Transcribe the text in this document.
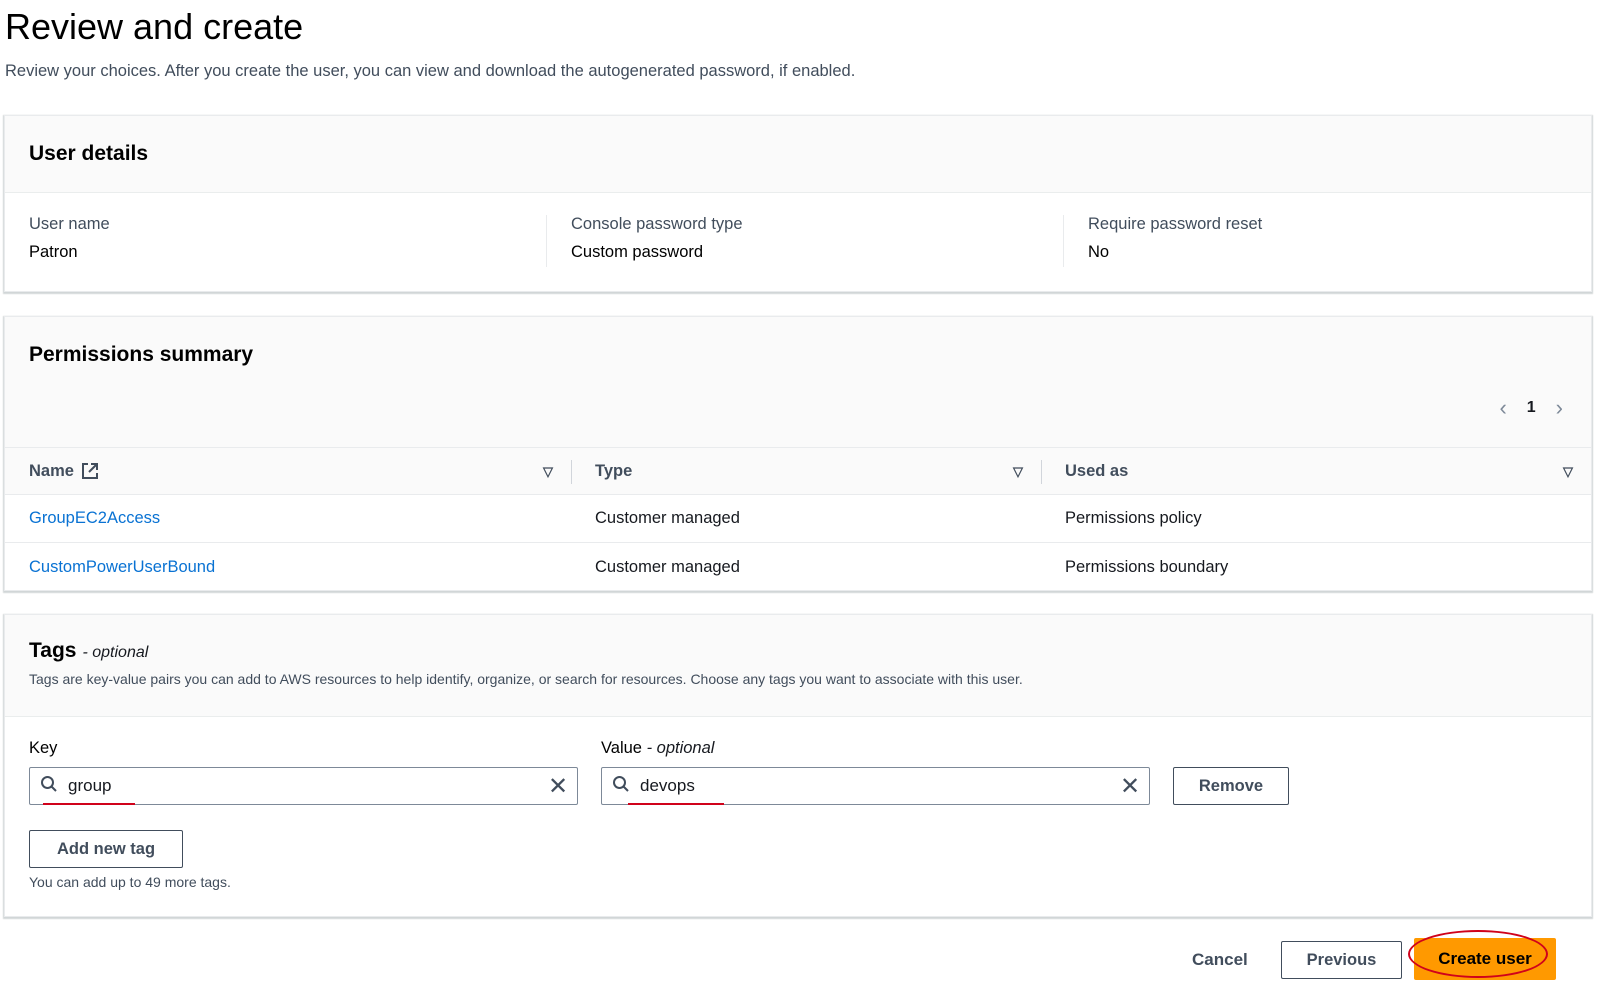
Review and create

Review your choices. After you create the user, you can view and download the autogenerated password, if enabled.

User details
User name
Patron
Console password type
Custom password
Require password reset
No
Permissions summary
‹ 1 ›
Name	▽	Type	▽	Used as	▽
GroupEC2Access	Customer managed	Permissions policy
CustomPowerUserBound	Customer managed	Permissions boundary
Tags - optional

Tags are key-value pairs you can add to AWS resources to help identify, organize, or search for resources. Choose any tags you want to associate with this user.

Key	Value - optional
group	✕	devops	✕	Remove
Add new tag
You can add up to 49 more tags.
Cancel	Previous	Create user
